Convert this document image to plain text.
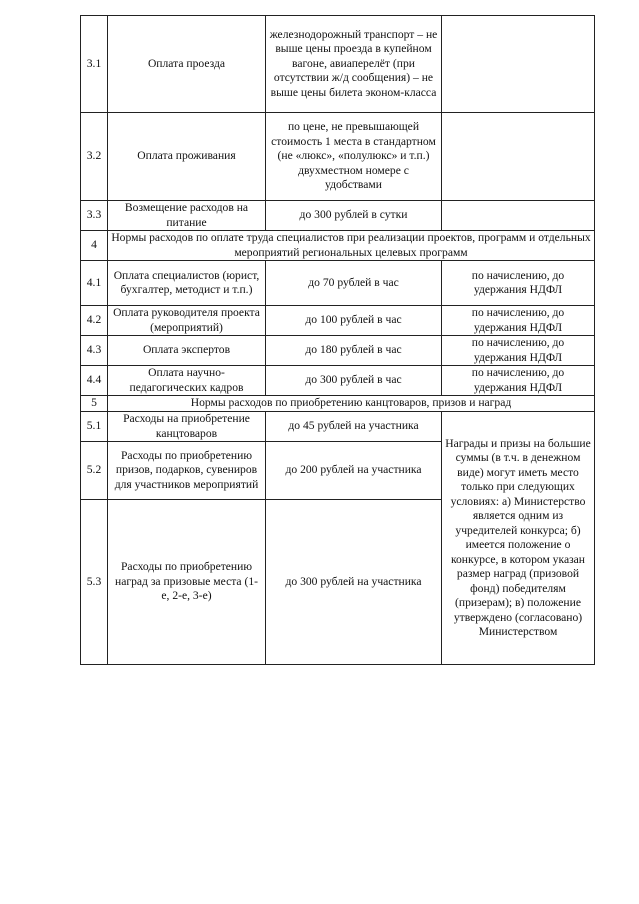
3.1	Оплата проезда	железнодорожный транспорт – не выше цены проезда в купейном вагоне, авиаперелёт (при отсутствии ж/д сообщения) – не выше цены билета эконом-класса	
3.2	Оплата проживания	по цене, не превышающей стоимость 1 места в стандартном (не «люкс», «полулюкс» и т.п.) двухместном номере с удобствами	
3.3	Возмещение расходов на питание	до 300 рублей в сутки	
4	Нормы расходов по оплате труда специалистов при реализации проектов, программ и отдельных мероприятий региональных целевых программ		
4.1	Оплата специалистов (юрист, бухгалтер, методист и т.п.)	до 70 рублей в час	по начислению, до удержания НДФЛ
4.2	Оплата руководителя проекта (мероприятий)	до 100 рублей в час	по начислению, до удержания НДФЛ
4.3	Оплата экспертов	до 180 рублей в час	по начислению, до удержания НДФЛ
4.4	Оплата научно-педагогических кадров	до 300 рублей в час	по начислению, до удержания НДФЛ
5	Нормы расходов по приобретению канцтоваров, призов и наград		
5.1	Расходы на приобретение канцтоваров	до 45 рублей на участника	Награды и призы на большие суммы (в т.ч. в денежном виде) могут иметь место только при следующих условиях: а) Министерство является одним из учредителей конкурса; б) имеется положение о конкурсе, в котором указан размер наград (призовой фонд) победителям (призерам); в) положение утверждено (согласовано) Министерством
5.2	Расходы по приобретению призов, подарков, сувениров для участников мероприятий	до 200 рублей на участника	
5.3	Расходы по приобретению наград за призовые места (1-е, 2-е, 3-е)	до 300 рублей на участника	
